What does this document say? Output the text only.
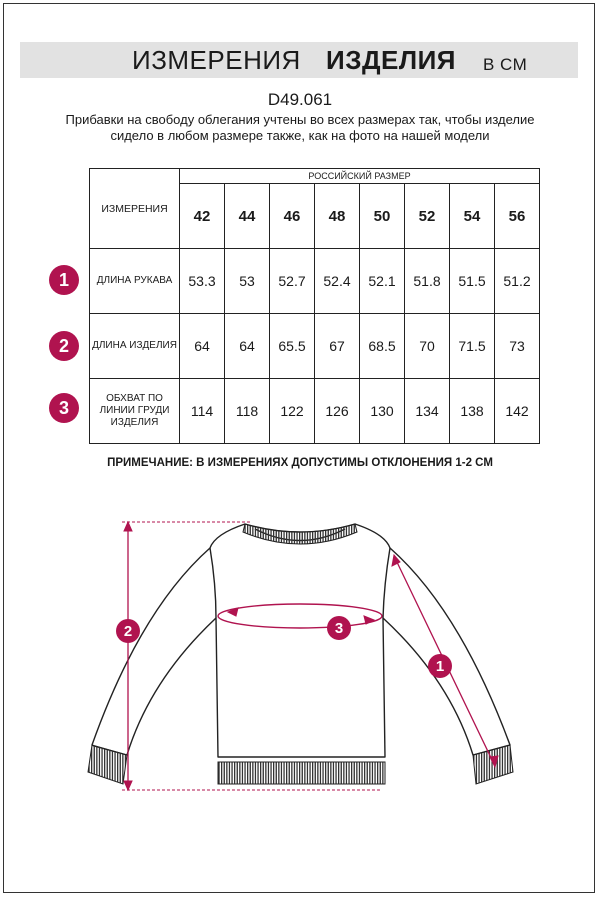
ИЗМЕРЕНИЯ ИЗДЕЛИЯ В СМ
D49.061
Прибавки на свободу облегания учтены во всех размерах так, чтобы изделие сидело в любом размере также, как на фото на нашей модели
ИЗМЕРЕНИЯ	РОССИЙСКИЙ РАЗМЕР							
	42	44	46	48	50	52	54	56
ДЛИНА РУКАВА	53.3	53	52.7	52.4	52.1	51.8	51.5	51.2
ДЛИНА ИЗДЕЛИЯ	64	64	65.5	67	68.5	70	71.5	73
ОБХВАТ ПО ЛИНИИ ГРУДИ ИЗДЕЛИЯ	114	118	122	126	130	134	138	142
1
2
3
ПРИМЕЧАНИЕ: В ИЗМЕРЕНИЯХ ДОПУСТИМЫ ОТКЛОНЕНИЯ 1-2 СМ
2	3
1
